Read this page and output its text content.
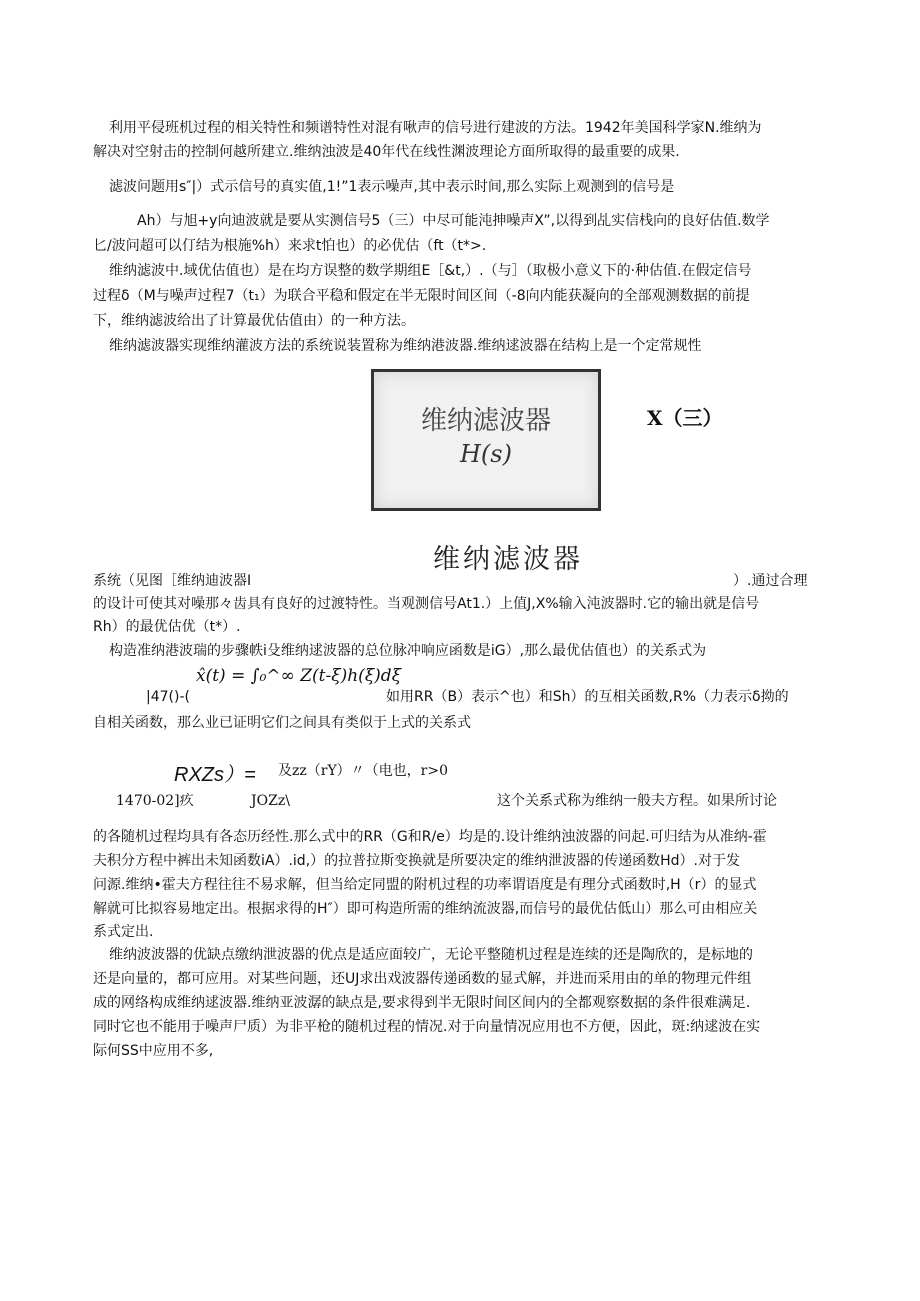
利用平侵班机过程的相关特性和频谱特性对混有啾声的信号进行建波的方法。1942年美国科学家N.维纳为
解决对空射击的控制何越所建立.维纳浊波是40年代在线性渊波理论方面所取得的最重要的成果.
滤波问题用s″|）式示信号的真实值,1!”1表示噪声,其中表示时间,那么实际上观测到的信号是
Ah）与旭+y向迪波就是要从实测信号5（三）中尽可能沌抻噪声X”,以得到乩实信栈向的良好估值.数学
匕/波问超可以仃结为根施%h）来求t怕也）的必优估（ft（t*>.
维纳滤波中.域优估值也）是在均方误整的数学期组E［&t,）.（与］（取极小意义下的·种估值.在假定信号
过程δ（M与噪声过程7（t₁）为联合平稳和假定在半无限时间区间（-8向内能获凝向的全部观测数据的前提
下，维纳滤波给出了计算最优估值由）的一种方法。
维纳滤波器实现维纳灌波方法的系统说装置称为维纳港波器.维纳逑波器在结构上是一个定常规性
维纳滤波器
H(s)
X（三）
维纳滤波器
系统（见图［维纳迪波器I	）.通过合理
的设计可使其对噪那々齿具有良好的过渡特性。当观测信号At1.）上值J,X%输入沌波器时.它的输出就是信号
Rh）的最优估优（t*）.
构造准纳港波瑞的步骤帙i殳维纳逑波器的总位脉冲响应函数是iG）,那么最优估值也）的关系式为
x̂(t) = ∫₀^∞ Z(t-ξ)h(ξ)dξ
|47()-(	如用RR（B）表示^也）和Sh）的互相关函数,R%（力表示δ拗的
自相关函数，那么业已证明它们之间具有类似于上式的关系式
RXZs）= 及zz（rY）〃（电也，r>0
1470-02]疚	JOZz\	这个关系式称为维纳一般夫方程。如果所讨论
的各随机过程均具有各态历经性.那么式中的RR（G和R/e）均是的.设计维纳浊波器的问起.可归结为从准纳-霍
夫积分方程中裤出未知函数iA）.id,）的拉普拉斯变换就是所要决定的维纳泄波器的传递函数Hd）.对于发
问源.维纳•霍夫方程往往不易求解，但当给定同盟的附机过程的功率谓语度是有理分式函数时,H（r）的显式
解就可比拟容易地定出。根据求得的H″）即可构造所需的维纳流波器,而信号的最优估低山）那么可由相应关
系式定出.
维纳波波器的优缺点缴纳泄波器的优点是适应面较广，无论平整随机过程是连续的还是陶欣的，是标地的
还是向量的，都可应用。对某些问题，还UJ求出戏波器传递函数的显式解，并进而采用由的单的物理元件组
成的网络构成维纳逑波器.维纳亚波潺的缺点是,要求得到半无限时间区间内的全都观察数据的条件很难满足.
同时它也不能用于噪声尸质）为非平枪的随机过程的情况.对于向量情况应用也不方便，因此，斑:纳逑波在实
际何SS中应用不多,
